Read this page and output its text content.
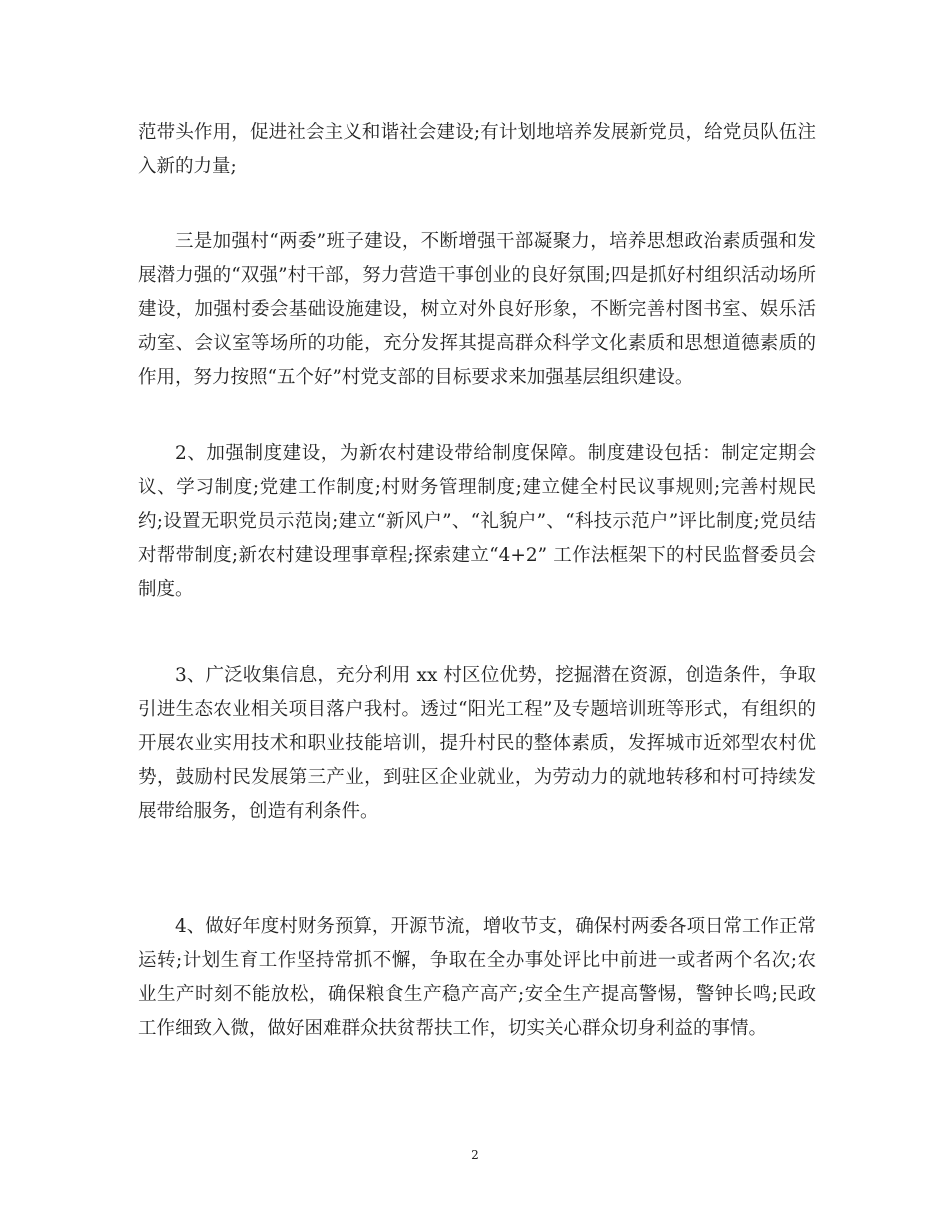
范带头作用，促进社会主义和谐社会建设;有计划地培养发展新党员，给党员队伍注入新的力量;

三是加强村“两委”班子建设，不断增强干部凝聚力，培养思想政治素质强和发展潜力强的“双强”村干部，努力营造干事创业的良好氛围;四是抓好村组织活动场所建设，加强村委会基础设施建设，树立对外良好形象，不断完善村图书室、娱乐活动室、会议室等场所的功能，充分发挥其提高群众科学文化素质和思想道德素质的作用，努力按照“五个好”村党支部的目标要求来加强基层组织建设。

2、加强制度建设，为新农村建设带给制度保障。制度建设包括：制定定期会议、学习制度;党建工作制度;村财务管理制度;建立健全村民议事规则;完善村规民约;设置无职党员示范岗;建立“新风户”、“礼貌户”、“科技示范户”评比制度;党员结对帮带制度;新农村建设理事章程;探索建立“4+2” 工作法框架下的村民监督委员会制度。

3、广泛收集信息，充分利用 xx 村区位优势，挖掘潜在资源，创造条件，争取引进生态农业相关项目落户我村。透过“阳光工程”及专题培训班等形式，有组织的开展农业实用技术和职业技能培训，提升村民的整体素质，发挥城市近郊型农村优势，鼓励村民发展第三产业，到驻区企业就业，为劳动力的就地转移和村可持续发展带给服务，创造有利条件。

4、做好年度村财务预算，开源节流，增收节支，确保村两委各项日常工作正常运转;计划生育工作坚持常抓不懈，争取在全办事处评比中前进一或者两个名次;农业生产时刻不能放松，确保粮食生产稳产高产;安全生产提高警惕，警钟长鸣;民政工作细致入微，做好困难群众扶贫帮扶工作，切实关心群众切身利益的事情。

2
